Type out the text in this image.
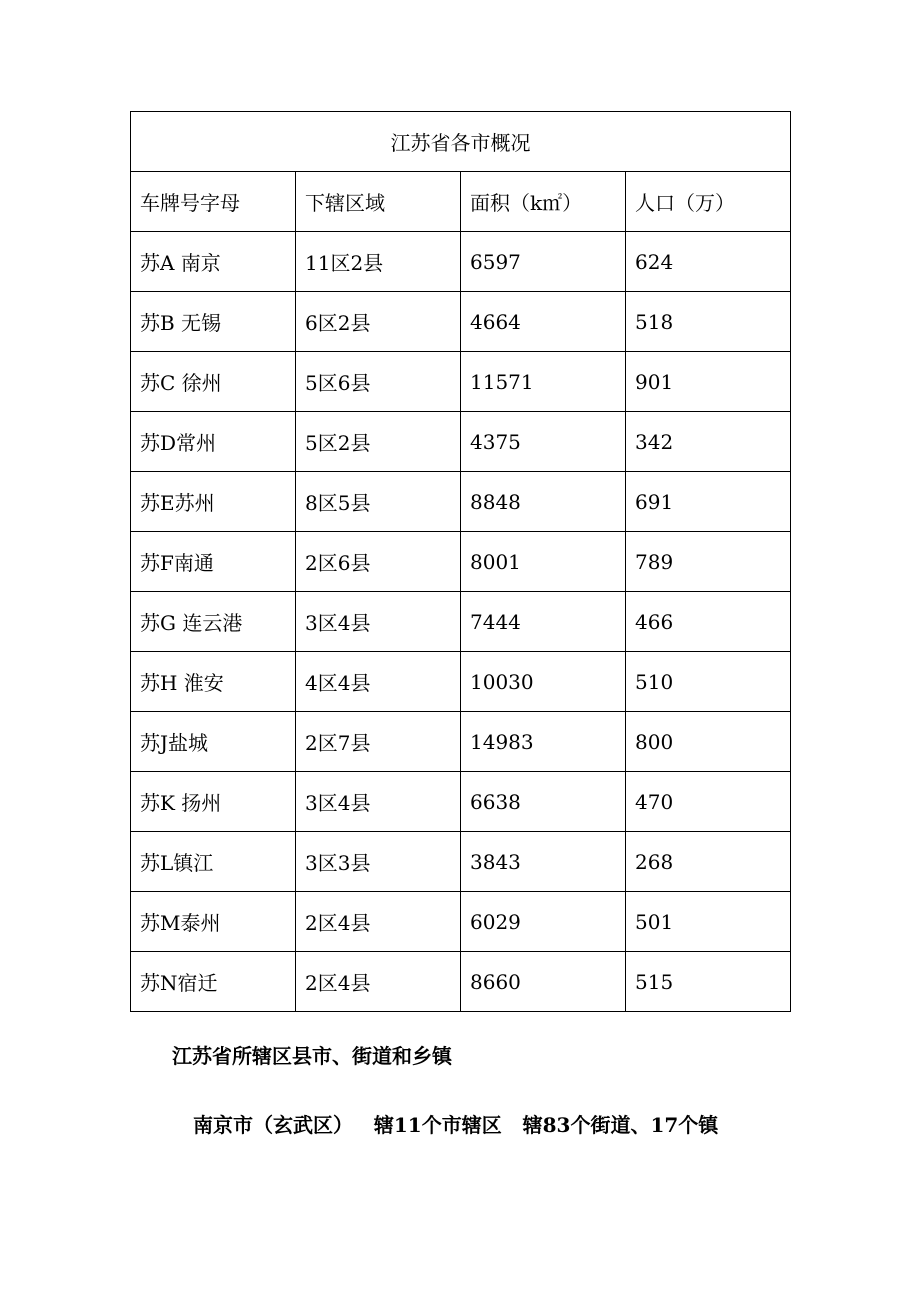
江苏省各市概况			
车牌号字母	下辖区域	面积（k㎡）	人口（万）
苏A 南京	11区2县	6597	624
苏B 无锡	6区2县	4664	518
苏C 徐州	5区6县	11571	901
苏D常州	5区2县	4375	342
苏E苏州	8区5县	8848	691
苏F南通	2区6县	8001	789
苏G 连云港	3区4县	7444	466
苏H 淮安	4区4县	10030	510
苏J盐城	2区7县	14983	800
苏K 扬州	3区4县	6638	470
苏L镇江	3区3县	3843	268
苏M泰州	2区4县	6029	501
苏N宿迁	2区4县	8660	515
江苏省所辖区县市、街道和乡镇
南京市（玄武区） 辖11个市辖区 辖83个街道、17个镇
